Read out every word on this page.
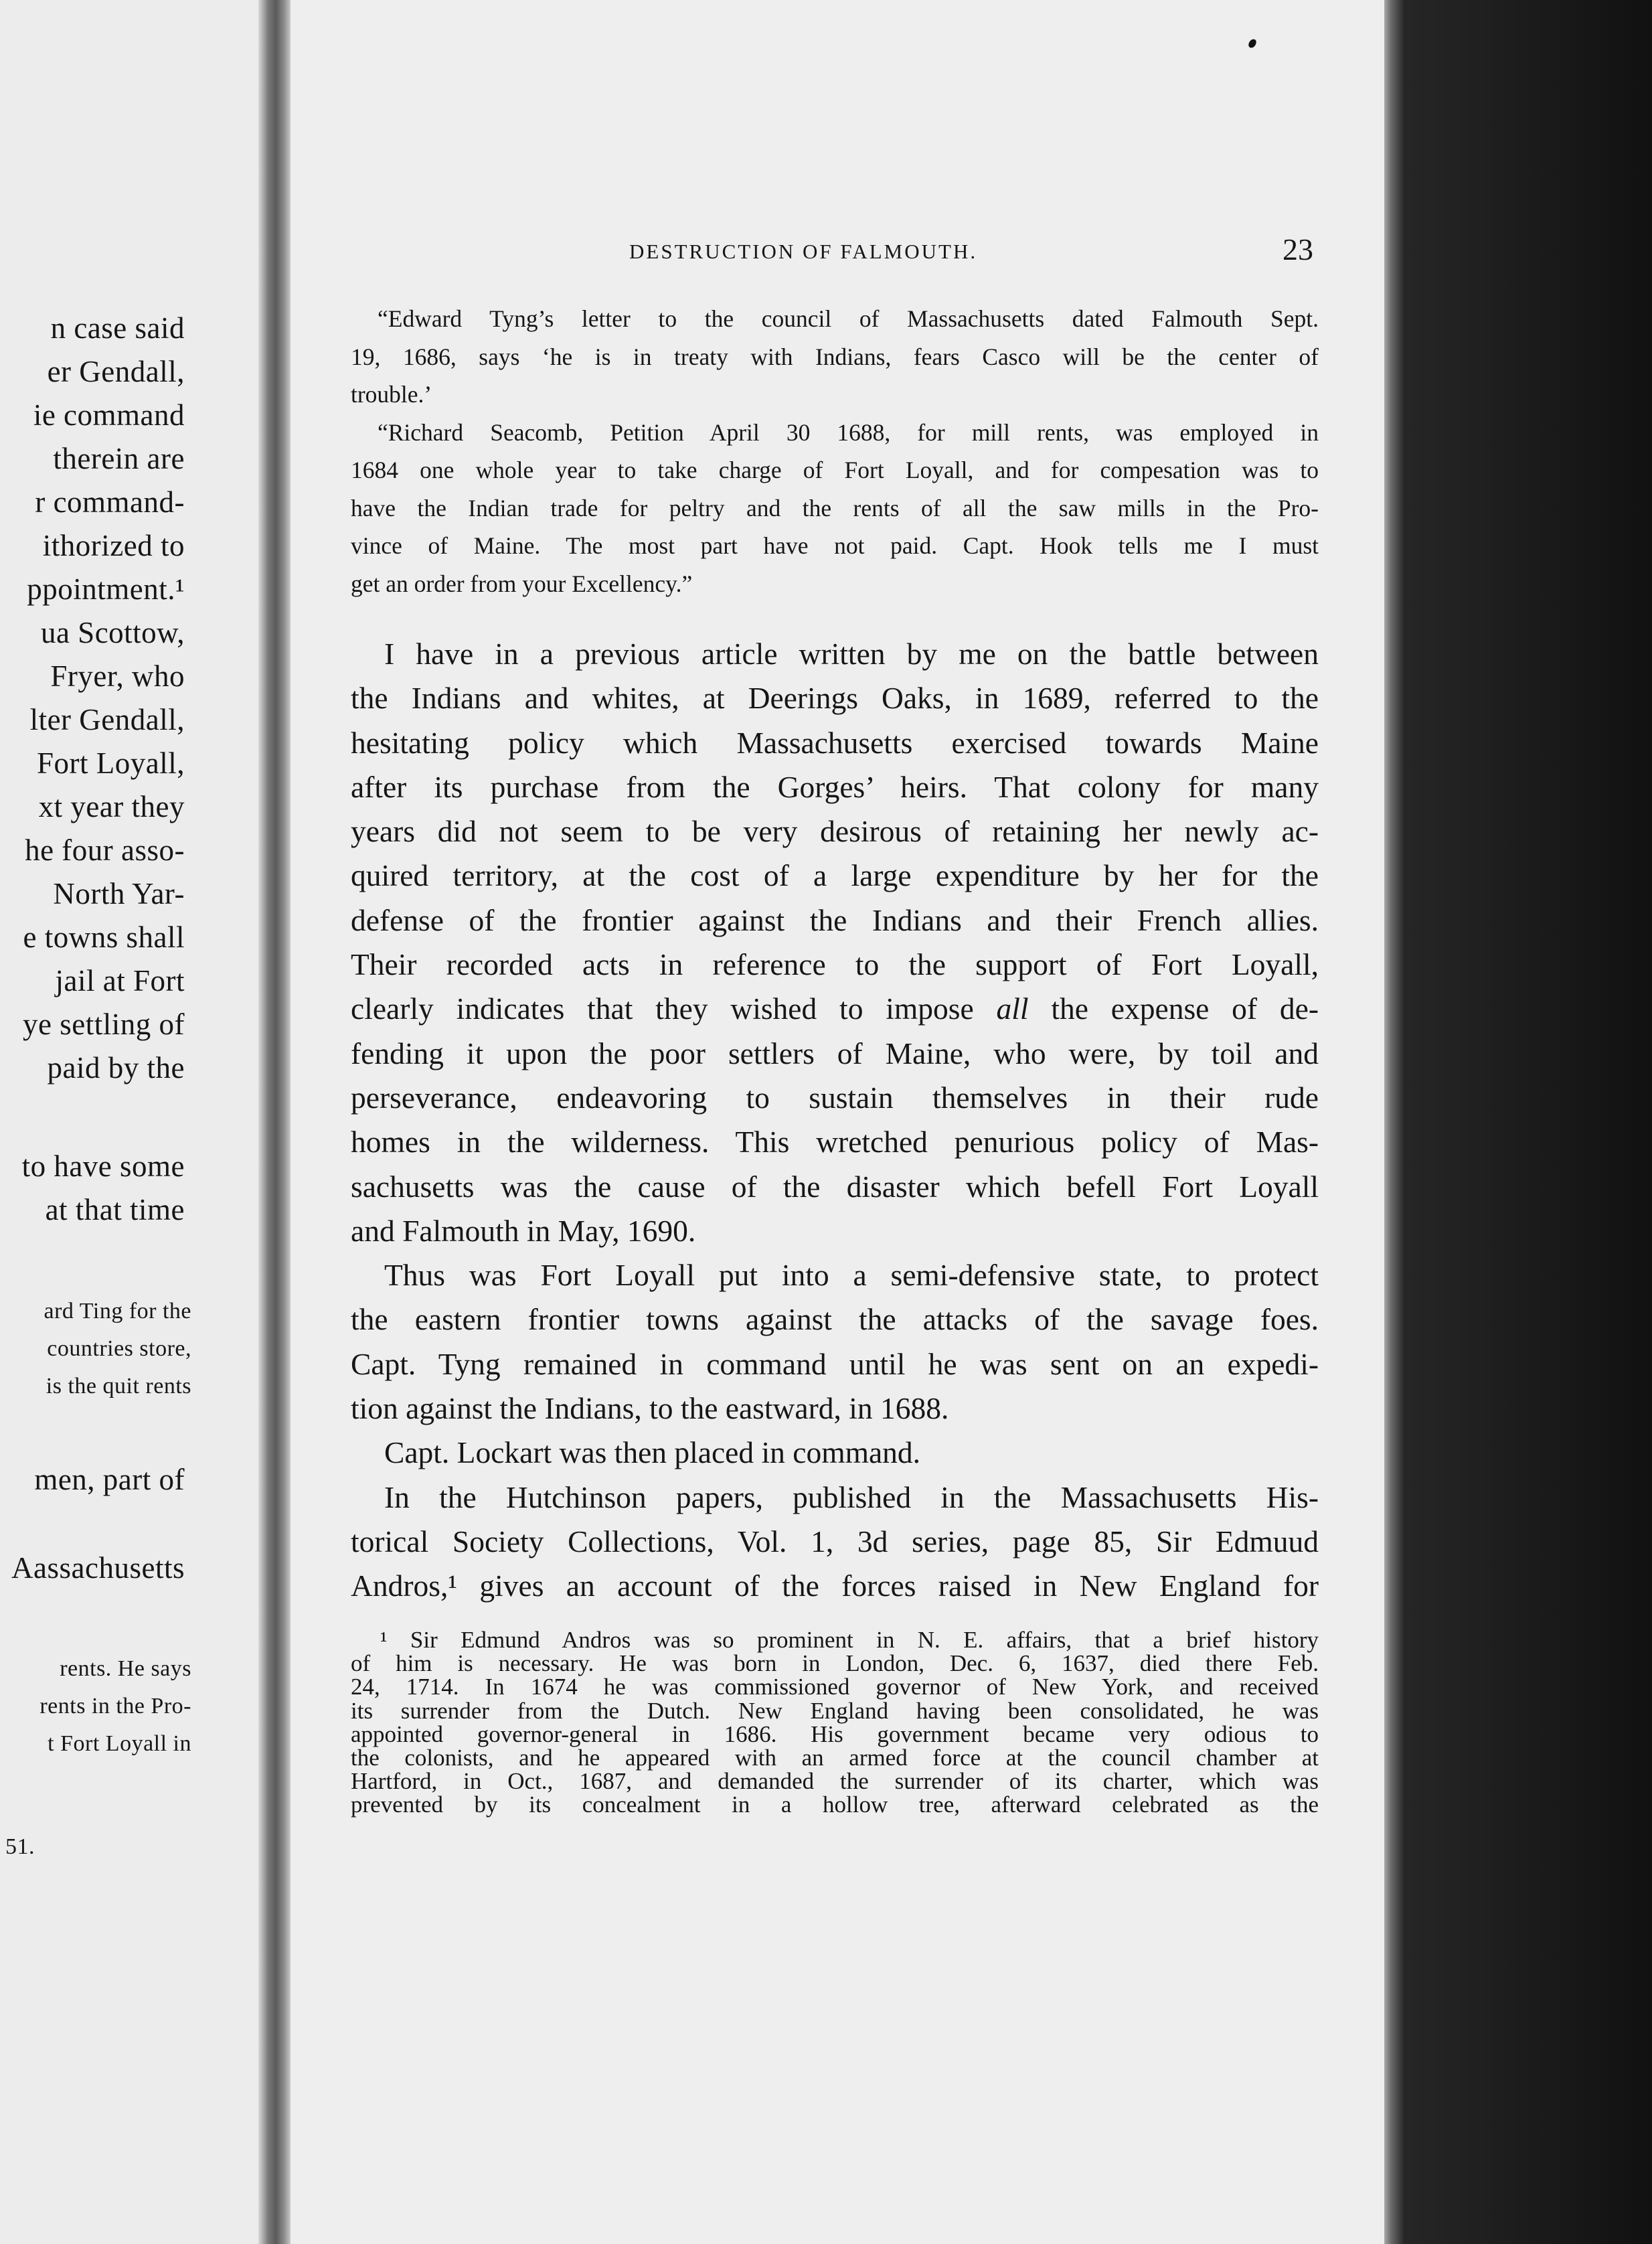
n case said
er Gendall,
ie command
therein are
r command-
ithorized to
ppointment.¹
ua Scottow,
Fryer, who
lter Gendall,
Fort Loyall,
xt year they
he four asso-
North Yar-
e towns shall
jail at Fort
ye settling of
paid by the
to have some
at that time
ard Ting for the
countries store,
is the quit rents
men, part of
Aassachusetts
rents. He says
rents in the Pro-
t Fort Loyall in
51.
DESTRUCTION OF FALMOUTH.	23
“Edward Tyng’s letter to the council of Massachusetts dated Falmouth Sept.
19, 1686, says ‘he is in treaty with Indians, fears Casco will be the center of
trouble.’
“Richard Seacomb, Petition April 30 1688, for mill rents, was employed in
1684 one whole year to take charge of Fort Loyall, and for compesation was to
have the Indian trade for peltry and the rents of all the saw mills in the Pro-
vince of Maine. The most part have not paid. Capt. Hook tells me I must
get an order from your Excellency.”
I have in a previous article written by me on the battle between
the Indians and whites, at Deerings Oaks, in 1689, referred to the
hesitating policy which Massachusetts exercised towards Maine
after its purchase from the Gorges’ heirs. That colony for many
years did not seem to be very desirous of retaining her newly ac-
quired territory, at the cost of a large expenditure by her for the
defense of the frontier against the Indians and their French allies.
Their recorded acts in reference to the support of Fort Loyall,
clearly indicates that they wished to impose all the expense of de-
fending it upon the poor settlers of Maine, who were, by toil and
perseverance, endeavoring to sustain themselves in their rude
homes in the wilderness. This wretched penurious policy of Mas-
sachusetts was the cause of the disaster which befell Fort Loyall
and Falmouth in May, 1690.
Thus was Fort Loyall put into a semi-defensive state, to protect
the eastern frontier towns against the attacks of the savage foes.
Capt. Tyng remained in command until he was sent on an expedi-
tion against the Indians, to the eastward, in 1688.
Capt. Lockart was then placed in command.
In the Hutchinson papers, published in the Massachusetts His-
torical Society Collections, Vol. 1, 3d series, page 85, Sir Edmuud
Andros,¹ gives an account of the forces raised in New England for
¹ Sir Edmund Andros was so prominent in N. E. affairs, that a brief history
of him is necessary. He was born in London, Dec. 6, 1637, died there Feb.
24, 1714. In 1674 he was commissioned governor of New York, and received
its surrender from the Dutch. New England having been consolidated, he was
appointed governor-general in 1686. His government became very odious to
the colonists, and he appeared with an armed force at the council chamber at
Hartford, in Oct., 1687, and demanded the surrender of its charter, which was
prevented by its concealment in a hollow tree, afterward celebrated as the
